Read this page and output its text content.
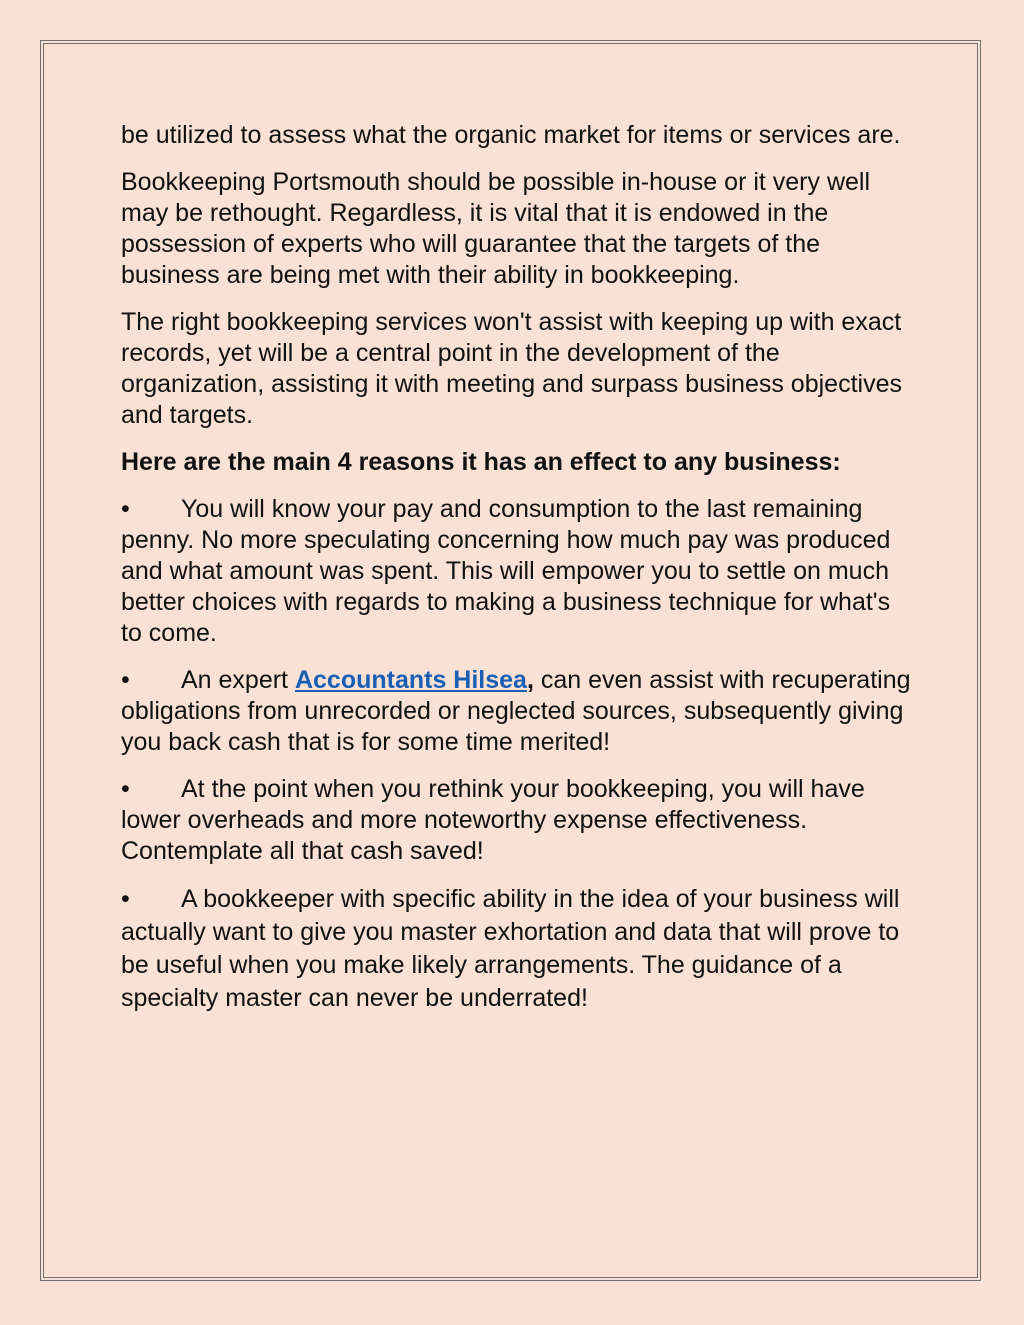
be utilized to assess what the organic market for items or services are.

Bookkeeping Portsmouth should be possible in-house or it very well may be rethought. Regardless, it is vital that it is endowed in the possession of experts who will guarantee that the targets of the business are being met with their ability in bookkeeping.

The right bookkeeping services won't assist with keeping up with exact records, yet will be a central point in the development of the organization, assisting it with meeting and surpass business objectives and targets.

Here are the main 4 reasons it has an effect to any business:

• You will know your pay and consumption to the last remaining penny. No more speculating concerning how much pay was produced and what amount was spent. This will empower you to settle on much better choices with regards to making a business technique for what's to come.

• An expert Accountants Hilsea, can even assist with recuperating obligations from unrecorded or neglected sources, subsequently giving you back cash that is for some time merited!

• At the point when you rethink your bookkeeping, you will have lower overheads and more noteworthy expense effectiveness. Contemplate all that cash saved!

• A bookkeeper with specific ability in the idea of your business will actually want to give you master exhortation and data that will prove to be useful when you make likely arrangements. The guidance of a specialty master can never be underrated!
